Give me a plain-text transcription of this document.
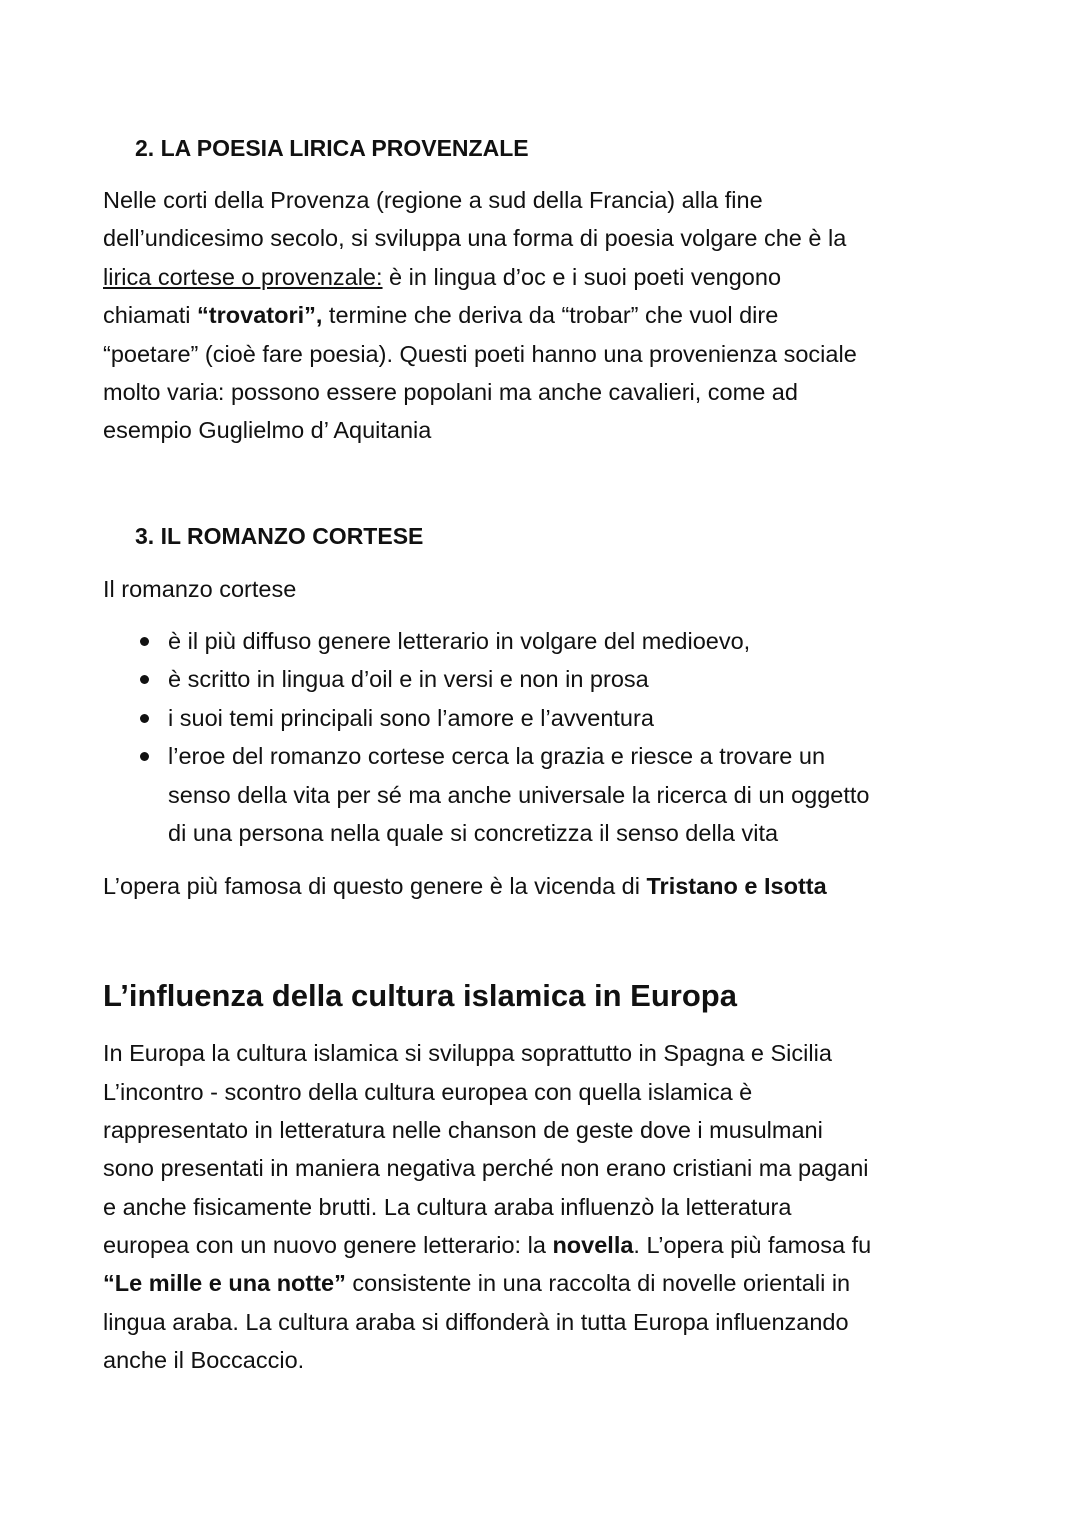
2. LA POESIA LIRICA PROVENZALE
Nelle corti della Provenza (regione a sud della Francia) alla fine
dell’undicesimo secolo, si sviluppa una forma di poesia volgare che è la
lirica cortese o provenzale: è in lingua d’oc e i suoi poeti vengono
chiamati “trovatori”, termine che deriva da “trobar” che vuol dire
“poetare” (cioè fare poesia). Questi poeti hanno una provenienza sociale
molto varia: possono essere popolani ma anche cavalieri, come ad
esempio Guglielmo d’ Aquitania
3. IL ROMANZO CORTESE
Il romanzo cortese
è il più diffuso genere letterario in volgare del medioevo,
è scritto in lingua d’oil e in versi e non in prosa
i suoi temi principali sono l’amore e l’avventura
l’eroe del romanzo cortese cerca la grazia e riesce a trovare un
senso della vita per sé ma anche universale la ricerca di un oggetto
di una persona nella quale si concretizza il senso della vita
L’opera più famosa di questo genere è la vicenda di Tristano e Isotta
L’influenza della cultura islamica in Europa
In Europa la cultura islamica si sviluppa soprattutto in Spagna e Sicilia
L’incontro - scontro della cultura europea con quella islamica è
rappresentato in letteratura nelle chanson de geste dove i musulmani
sono presentati in maniera negativa perché non erano cristiani ma pagani
e anche fisicamente brutti. La cultura araba influenzò la letteratura
europea con un nuovo genere letterario: la novella. L’opera più famosa fu
“Le mille e una notte” consistente in una raccolta di novelle orientali in
lingua araba. La cultura araba si diffonderà in tutta Europa influenzando
anche il Boccaccio.
